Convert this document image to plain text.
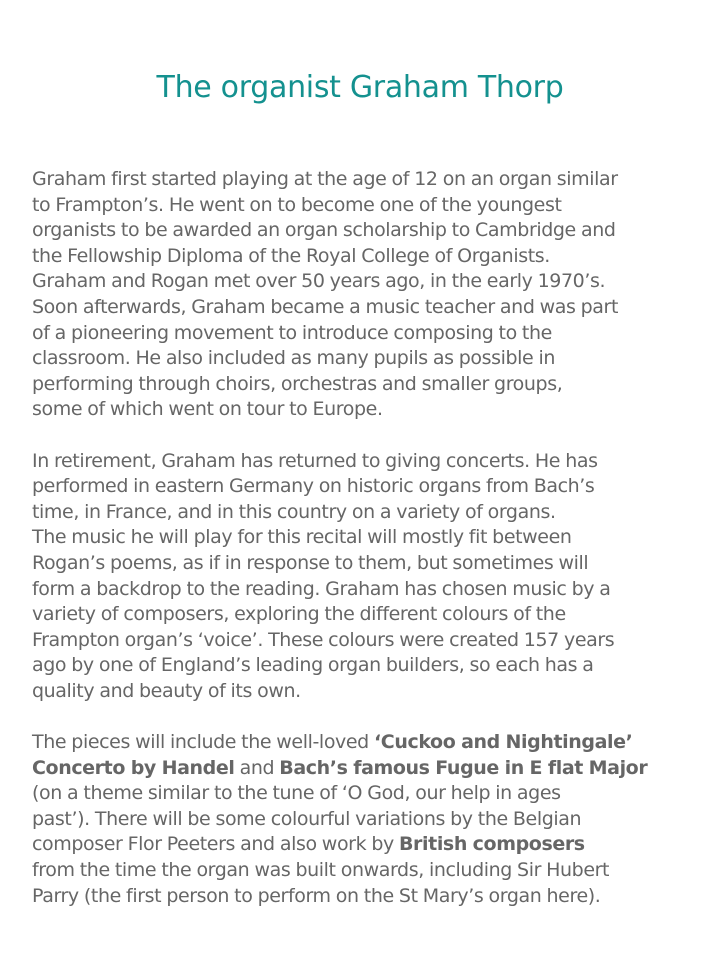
The organist Graham Thorp

Graham first started playing at the age of 12 on an organ similar
to Frampton’s. He went on to become one of the youngest
organists to be awarded an organ scholarship to Cambridge and
the Fellowship Diploma of the Royal College of Organists.
Graham and Rogan met over 50 years ago, in the early 1970’s.
Soon afterwards, Graham became a music teacher and was part
of a pioneering movement to introduce composing to the
classroom. He also included as many pupils as possible in
performing through choirs, orchestras and smaller groups,
some of which went on tour to Europe.

In retirement, Graham has returned to giving concerts. He has
performed in eastern Germany on historic organs from Bach’s
time, in France, and in this country on a variety of organs.
The music he will play for this recital will mostly fit between
Rogan’s poems, as if in response to them, but sometimes will
form a backdrop to the reading. Graham has chosen music by a
variety of composers, exploring the different colours of the
Frampton organ’s ‘voice’. These colours were created 157 years
ago by one of England’s leading organ builders, so each has a
quality and beauty of its own.

The pieces will include the well-loved ‘Cuckoo and Nightingale’
Concerto by Handel and Bach’s famous Fugue in E flat Major
(on a theme similar to the tune of ‘O God, our help in ages
past’). There will be some colourful variations by the Belgian
composer Flor Peeters and also work by British composers
from the time the organ was built onwards, including Sir Hubert
Parry (the first person to perform on the St Mary’s organ here).
